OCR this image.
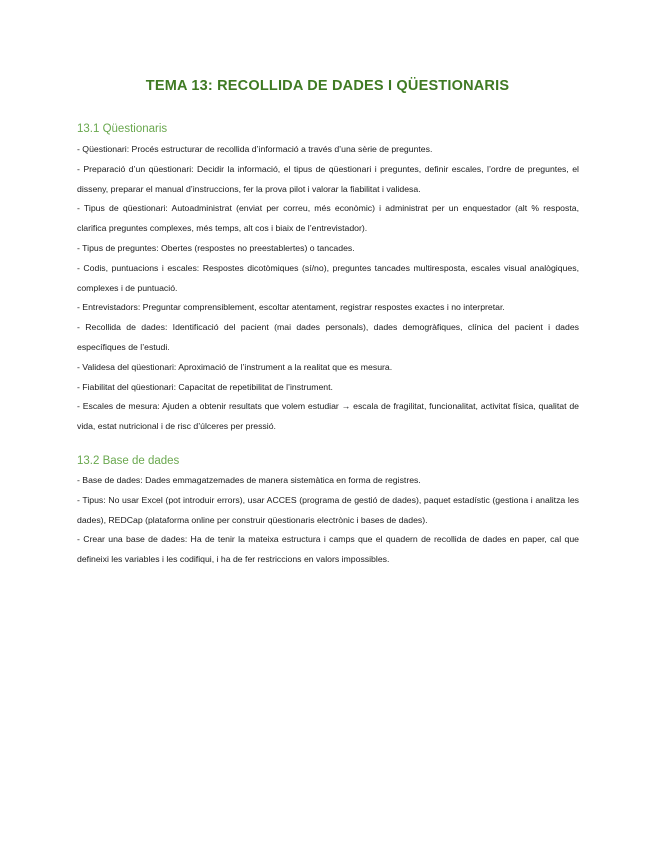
TEMA 13: RECOLLIDA DE DADES I QÜESTIONARIS
13.1 Qüestionaris

- Qüestionari: Procés estructurar de recollida d’informació a través d’una sèrie de preguntes.

- Preparació d’un qüestionari: Decidir la informació, el tipus de qüestionari i preguntes, definir escales, l’ordre de preguntes, el disseny, preparar el manual d’instruccions, fer la prova pilot i valorar la fiabilitat i validesa.

- Tipus de qüestionari: Autoadministrat (enviat per correu, més econòmic) i administrat per un enquestador (alt % resposta, clarifica preguntes complexes, més temps, alt cos i biaix de l’entrevistador).

- Tipus de preguntes: Obertes (respostes no preestablertes) o tancades.

- Codis, puntuacions i escales: Respostes dicotòmiques (sí/no), preguntes tancades multiresposta, escales visual analògiques, complexes i de puntuació.

- Entrevistadors: Preguntar comprensiblement, escoltar atentament, registrar respostes exactes i no interpretar.

- Recollida de dades: Identificació del pacient (mai dades personals), dades demogràfiques, clínica del pacient i dades específiques de l’estudi.

- Validesa del qüestionari: Aproximació de l’instrument a la realitat que es mesura.

- Fiabilitat del qüestionari: Capacitat de repetibilitat de l’instrument.

- Escales de mesura: Ajuden a obtenir resultats que volem estudiar → escala de fragilitat, funcionalitat, activitat física, qualitat de vida, estat nutricional i de risc d’úlceres per pressió.

13.2 Base de dades

- Base de dades: Dades emmagatzemades de manera sistemàtica en forma de registres.

- Tipus: No usar Excel (pot introduir errors), usar ACCES (programa de gestió de dades), paquet estadístic (gestiona i analitza les dades), REDCap (plataforma online per construir qüestionaris electrònic i bases de dades).

- Crear una base de dades: Ha de tenir la mateixa estructura i camps que el quadern de recollida de dades en paper, cal que defineixi les variables i les codifiqui, i ha de fer restriccions en valors impossibles.
